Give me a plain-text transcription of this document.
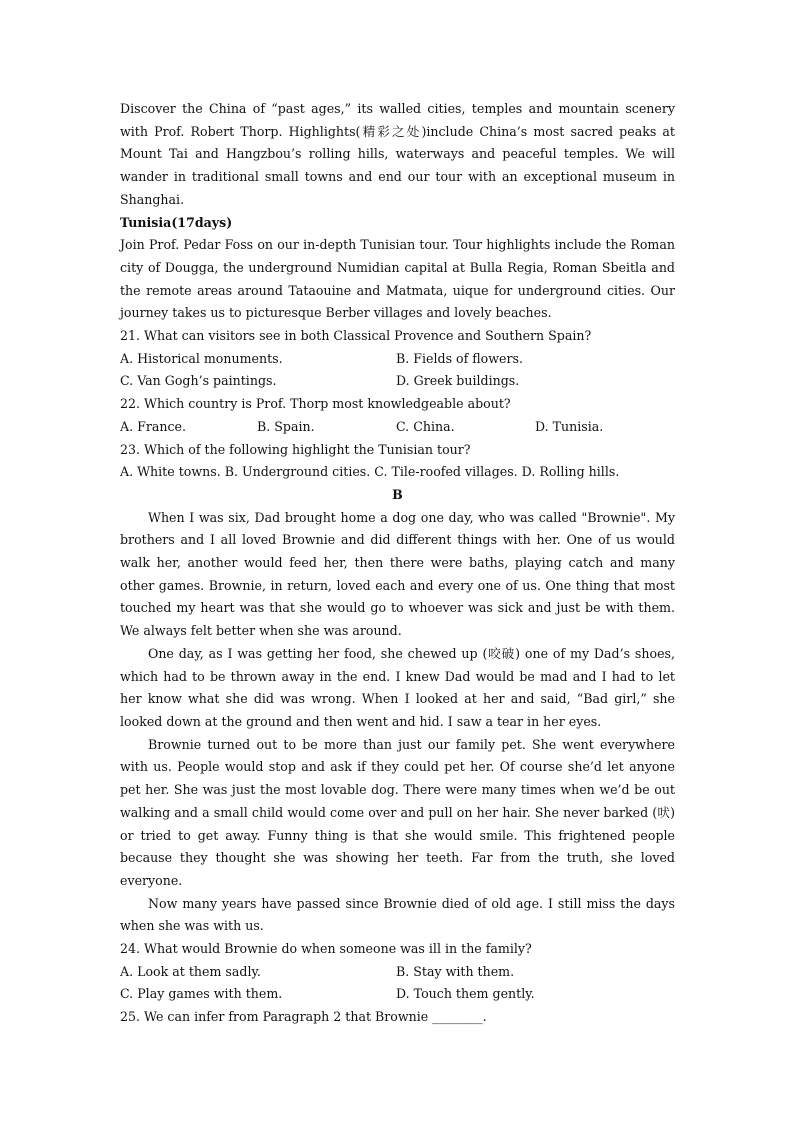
Discover the China of “past ages,” its walled cities, temples and mountain scenery with Prof. Robert Thorp. Highlights(精彩之处)include China’s most sacred peaks at Mount Tai and Hangzbou’s rolling hills, waterways and peaceful temples. We will wander in traditional small towns and end our tour with an exceptional museum in Shanghai.

Tunisia(17days)

Join Prof. Pedar Foss on our in-depth Tunisian tour. Tour highlights include the Roman city of Dougga, the underground Numidian capital at Bulla Regia, Roman Sbeitla and the remote areas around Tataouine and Matmata, uique for underground cities. Our journey takes us to picturesque Berber villages and lovely beaches.

21. What can visitors see in both Classical Provence and Southern Spain?

A. Historical monuments.	B. Fields of flowers.
C. Van Gogh’s paintings.	D. Greek buildings.

22. Which country is Prof. Thorp most knowledgeable about?

A. France.	B. Spain.	C. China.	D. Tunisia.

23. Which of the following highlight the Tunisian tour?

A. White towns. B. Underground cities. C. Tile-roofed villages. D. Rolling hills.

B

When I was six, Dad brought home a dog one day, who was called "Brownie". My brothers and I all loved Brownie and did different things with her. One of us would walk her, another would feed her, then there were baths, playing catch and many other games. Brownie, in return, loved each and every one of us. One thing that most touched my heart was that she would go to whoever was sick and just be with them. We always felt better when she was around.

One day, as I was getting her food, she chewed up (咬破) one of my Dad’s shoes, which had to be thrown away in the end. I knew Dad would be mad and I had to let her know what she did was wrong. When I looked at her and said, “Bad girl,” she looked down at the ground and then went and hid. I saw a tear in her eyes.

Brownie turned out to be more than just our family pet. She went everywhere with us. People would stop and ask if they could pet her. Of course she’d let anyone pet her. She was just the most lovable dog. There were many times when we’d be out walking and a small child would come over and pull on her hair. She never barked (吠) or tried to get away. Funny thing is that she would smile. This frightened people because they thought she was showing her teeth. Far from the truth, she loved everyone.

Now many years have passed since Brownie died of old age. I still miss the days when she was with us.

24. What would Brownie do when someone was ill in the family?

A. Look at them sadly.	B. Stay with them.
C. Play games with them.	D. Touch them gently.

25. We can infer from Paragraph 2 that Brownie ________.
